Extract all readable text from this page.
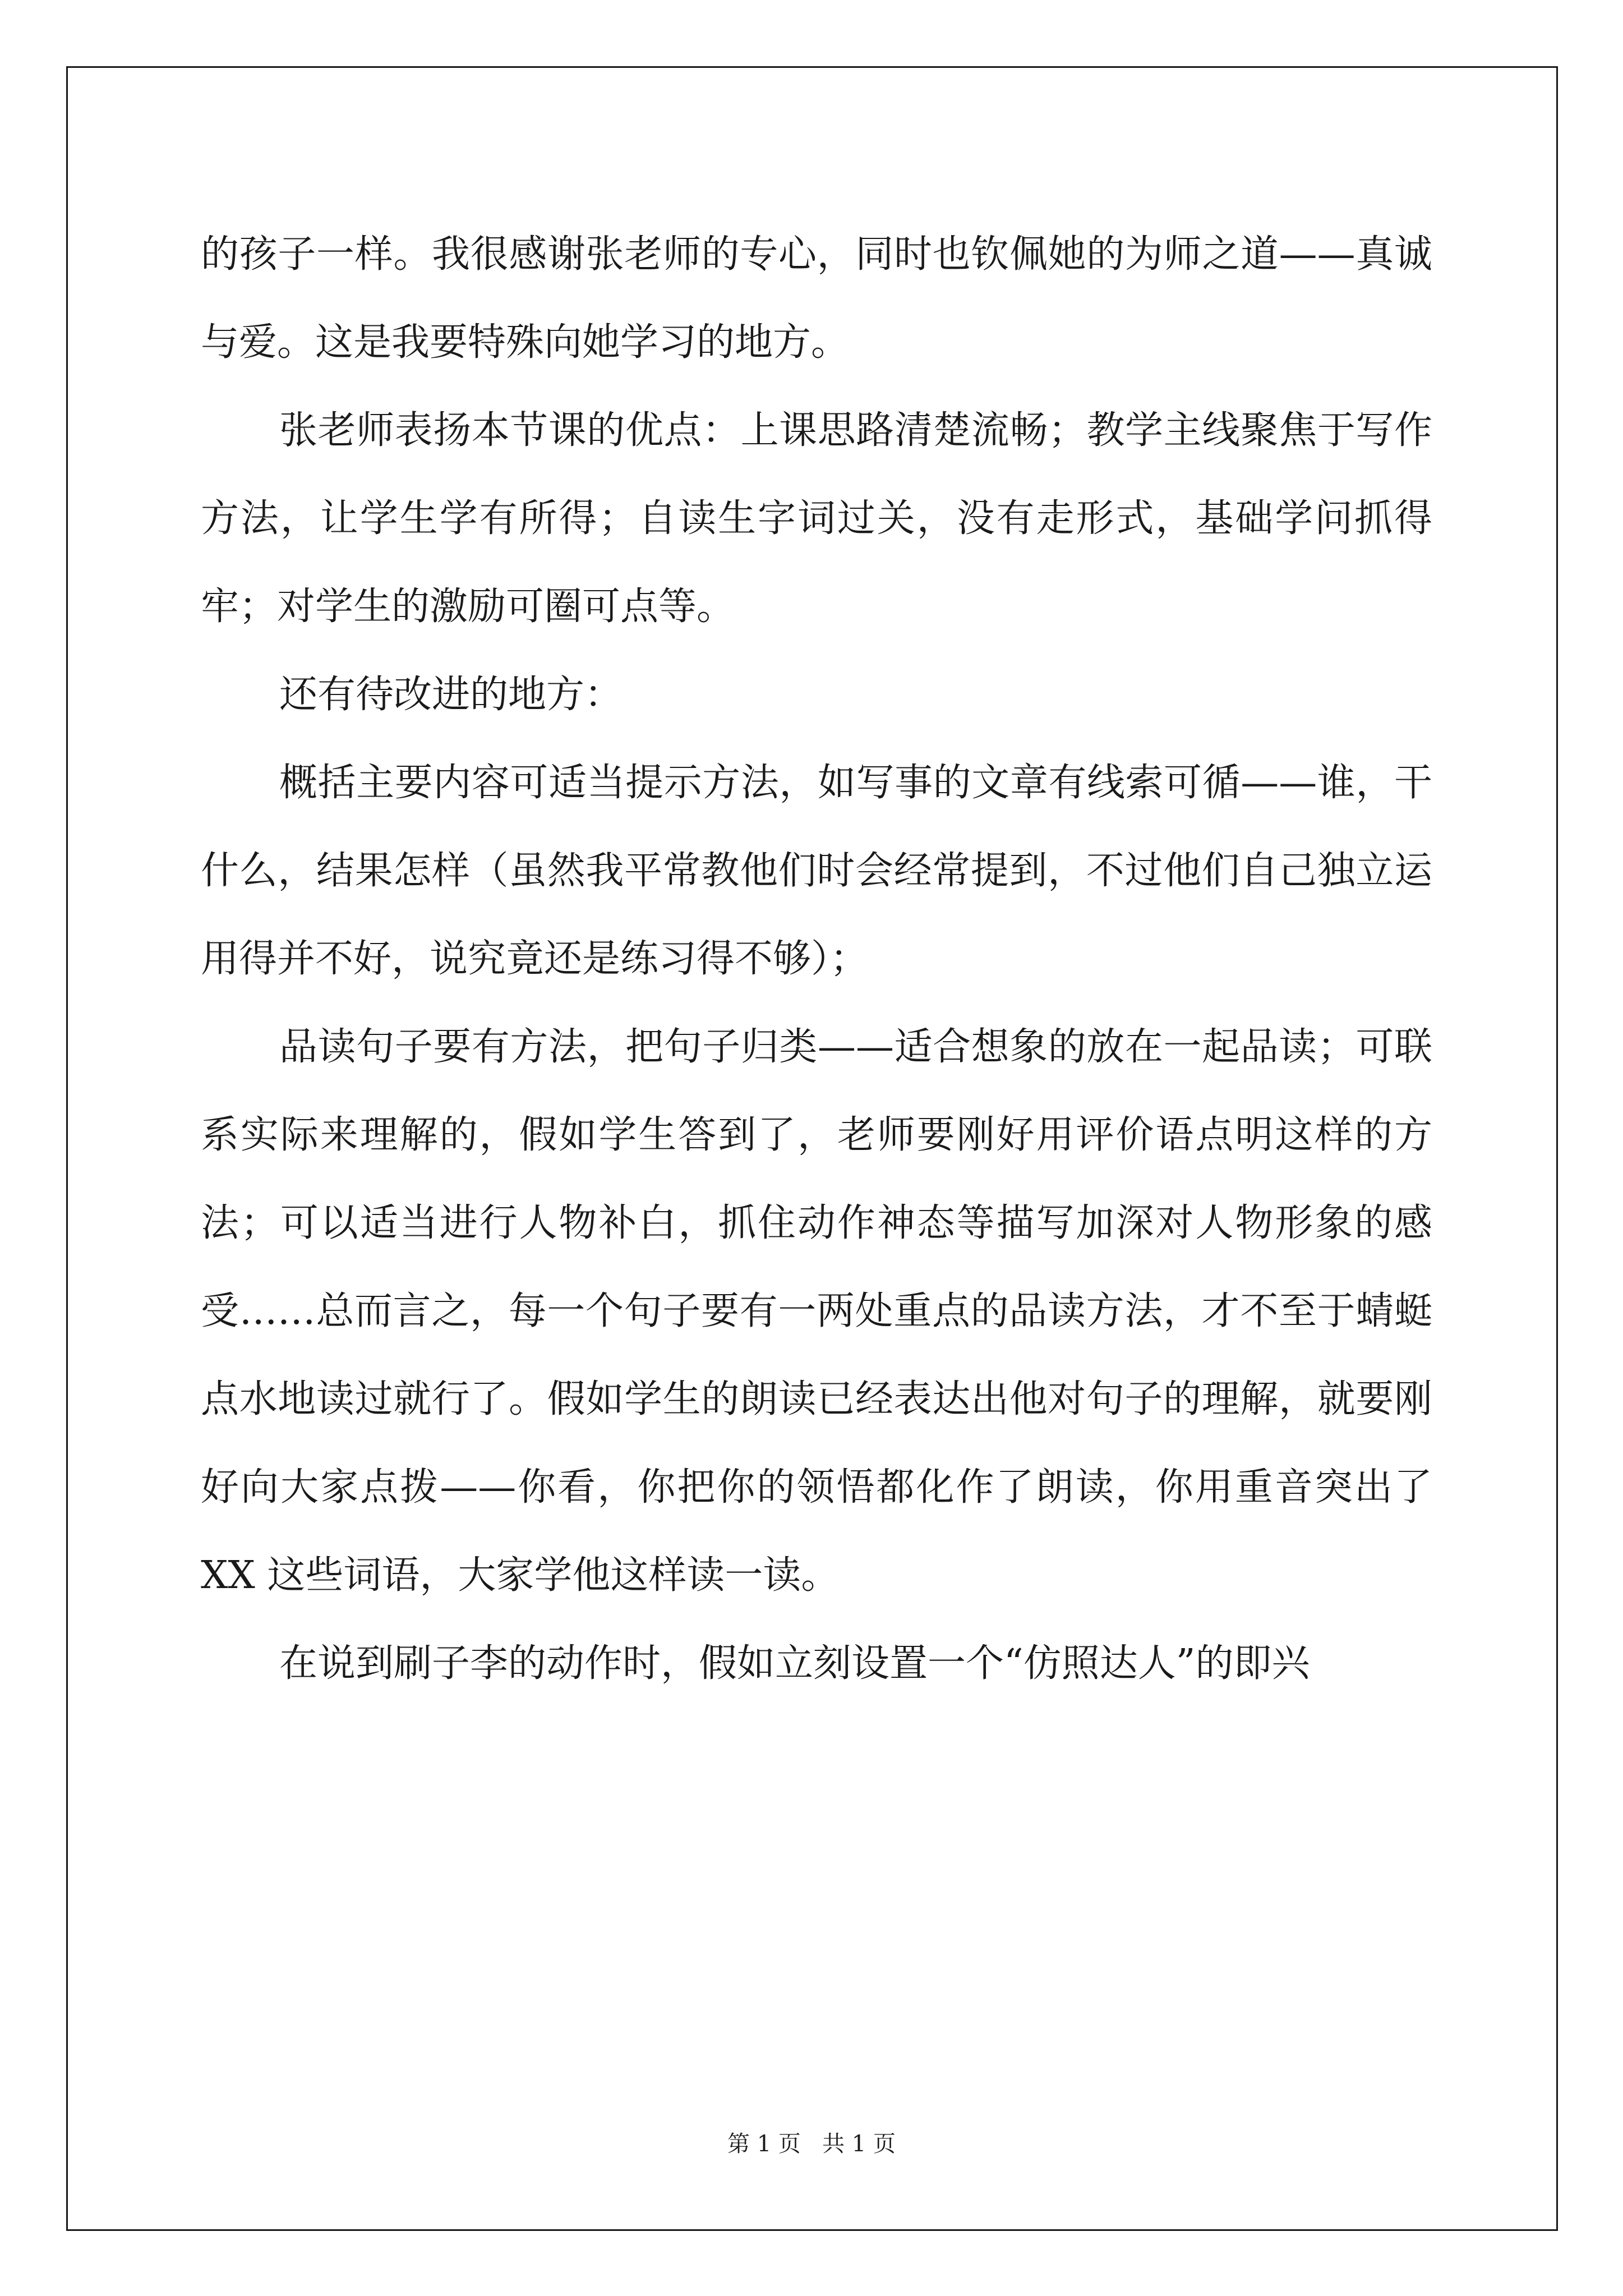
的孩子一样。我很感谢张老师的专心，同时也钦佩她的为师之道——真诚与爱。这是我要特殊向她学习的地方。

张老师表扬本节课的优点：上课思路清楚流畅；教学主线聚焦于写作方法，让学生学有所得；自读生字词过关，没有走形式，基础学问抓得牢；对学生的激励可圈可点等。

还有待改进的地方：

概括主要内容可适当提示方法，如写事的文章有线索可循——谁，干什么，结果怎样（虽然我平常教他们时会经常提到，不过他们自己独立运用得并不好，说究竟还是练习得不够）；

品读句子要有方法，把句子归类——适合想象的放在一起品读；可联系实际来理解的，假如学生答到了，老师要刚好用评价语点明这样的方法；可以适当进行人物补白，抓住动作神态等描写加深对人物形象的感受……总而言之，每一个句子要有一两处重点的品读方法，才不至于蜻蜓点水地读过就行了。假如学生的朗读已经表达出他对句子的理解，就要刚好向大家点拨——你看，你把你的领悟都化作了朗读，你用重音突出了 XX 这些词语，大家学他这样读一读。

在说到刷子李的动作时，假如立刻设置一个“仿照达人”的即兴

第 1 页 共 1 页
